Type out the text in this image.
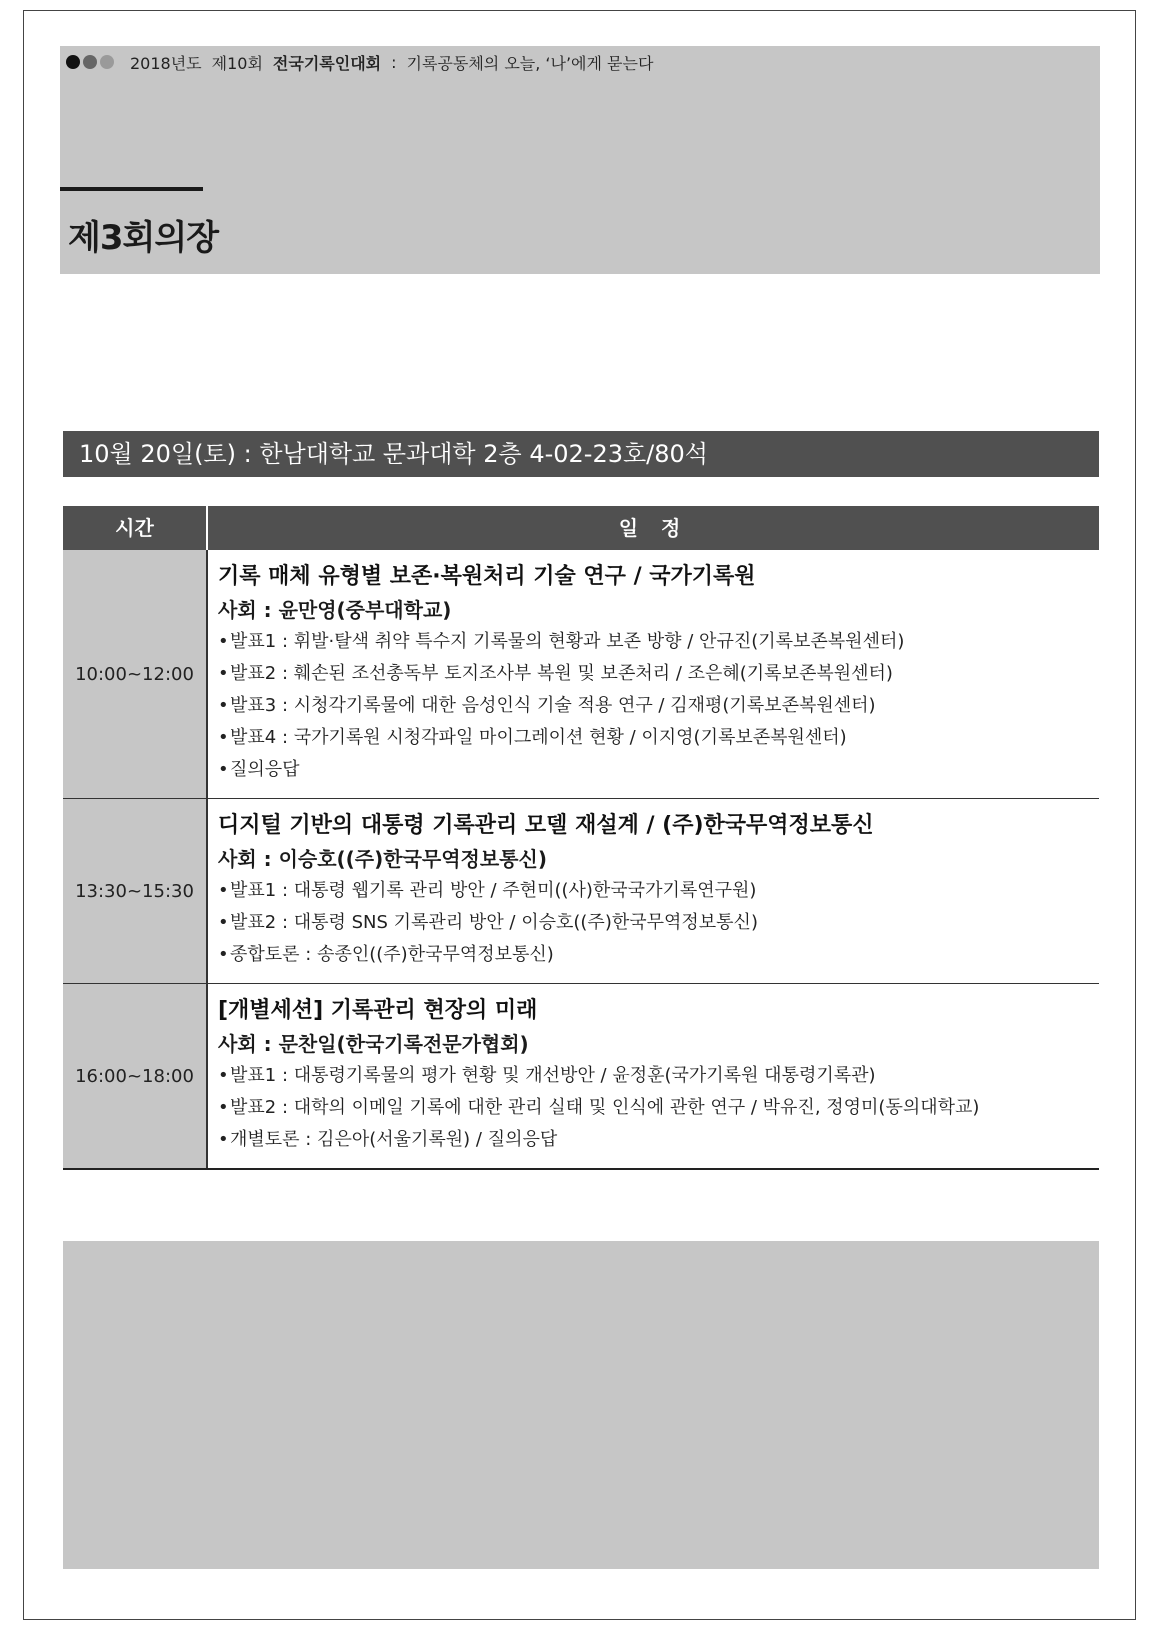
2018년도 제10회 전국기록인대회 : 기록공동체의 오늘, ‘나’에게 묻는다
제3회의장
10월 20일(토) : 한남대학교 문과대학 2층 4-02-23호/80석
시간	일 정
10:00~12:00
기록 매체 유형별 보존·복원처리 기술 연구 / 국가기록원
사회 : 윤만영(중부대학교)
•발표1 : 휘발·탈색 취약 특수지 기록물의 현황과 보존 방향 / 안규진(기록보존복원센터)
•발표2 : 훼손된 조선총독부 토지조사부 복원 및 보존처리 / 조은혜(기록보존복원센터)
•발표3 : 시청각기록물에 대한 음성인식 기술 적용 연구 / 김재평(기록보존복원센터)
•발표4 : 국가기록원 시청각파일 마이그레이션 현황 / 이지영(기록보존복원센터)
•질의응답
13:30~15:30
디지털 기반의 대통령 기록관리 모델 재설계 / (주)한국무역정보통신
사회 : 이승호((주)한국무역정보통신)
•발표1 : 대통령 웹기록 관리 방안 / 주현미((사)한국국가기록연구원)
•발표2 : 대통령 SNS 기록관리 방안 / 이승호((주)한국무역정보통신)
•종합토론 : 송종인((주)한국무역정보통신)
16:00~18:00
[개별세션] 기록관리 현장의 미래
사회 : 문찬일(한국기록전문가협회)
•발표1 : 대통령기록물의 평가 현황 및 개선방안 / 윤정훈(국가기록원 대통령기록관)
•발표2 : 대학의 이메일 기록에 대한 관리 실태 및 인식에 관한 연구 / 박유진, 정영미(동의대학교)
•개별토론 : 김은아(서울기록원) / 질의응답
